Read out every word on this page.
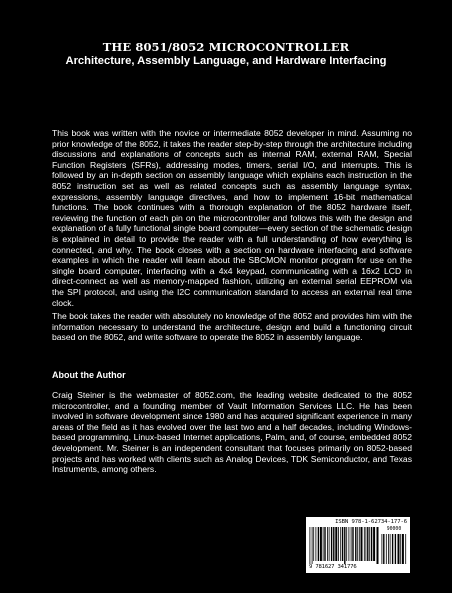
THE 8051/8052 MICROCONTROLLER
Architecture, Assembly Language, and Hardware Interfacing
This book was written with the novice or intermediate 8052 developer in mind. Assuming no prior knowledge of the 8052, it takes the reader step-by-step through the architecture including discussions and explanations of concepts such as internal RAM, external RAM, Special Function Registers (SFRs), addressing modes, timers, serial I/O, and interrupts. This is followed by an in-depth section on assembly language which explains each instruction in the 8052 instruction set as well as related concepts such as assembly language syntax, expressions, assembly language directives, and how to implement 16-bit mathematical functions. The book continues with a thorough explanation of the 8052 hardware itself, reviewing the function of each pin on the microcontroller and follows this with the design and explanation of a fully functional single board computer—every section of the schematic design is explained in detail to provide the reader with a full understanding of how everything is connected, and why. The book closes with a section on hardware interfacing and software examples in which the reader will learn about the SBCMON monitor program for use on the single board computer, interfacing with a 4x4 keypad, communicating with a 16x2 LCD in direct-connect as well as memory-mapped fashion, utilizing an external serial EEPROM via the SPI protocol, and using the I2C communication standard to access an external real time clock.
The book takes the reader with absolutely no knowledge of the 8052 and provides him with the information necessary to understand the architecture, design and build a functioning circuit based on the 8052, and write software to operate the 8052 in assembly language.
About the Author
Craig Steiner is the webmaster of 8052.com, the leading website dedicated to the 8052 microcontroller, and a founding member of Vault Information Services LLC. He has been involved in software development since 1980 and has acquired significant experience in many areas of the field as it has evolved over the last two and a half decades, including Windows-based programming, Linux-based Internet applications, Palm, and, of course, embedded 8052 development. Mr. Steiner is an independent consultant that focuses primarily on 8052-based projects and has worked with clients such as Analog Devices, TDK Semiconductor, and Texas Instruments, among others.
ISBN 978-1-62734-177-6
90000
9 781627 341776
